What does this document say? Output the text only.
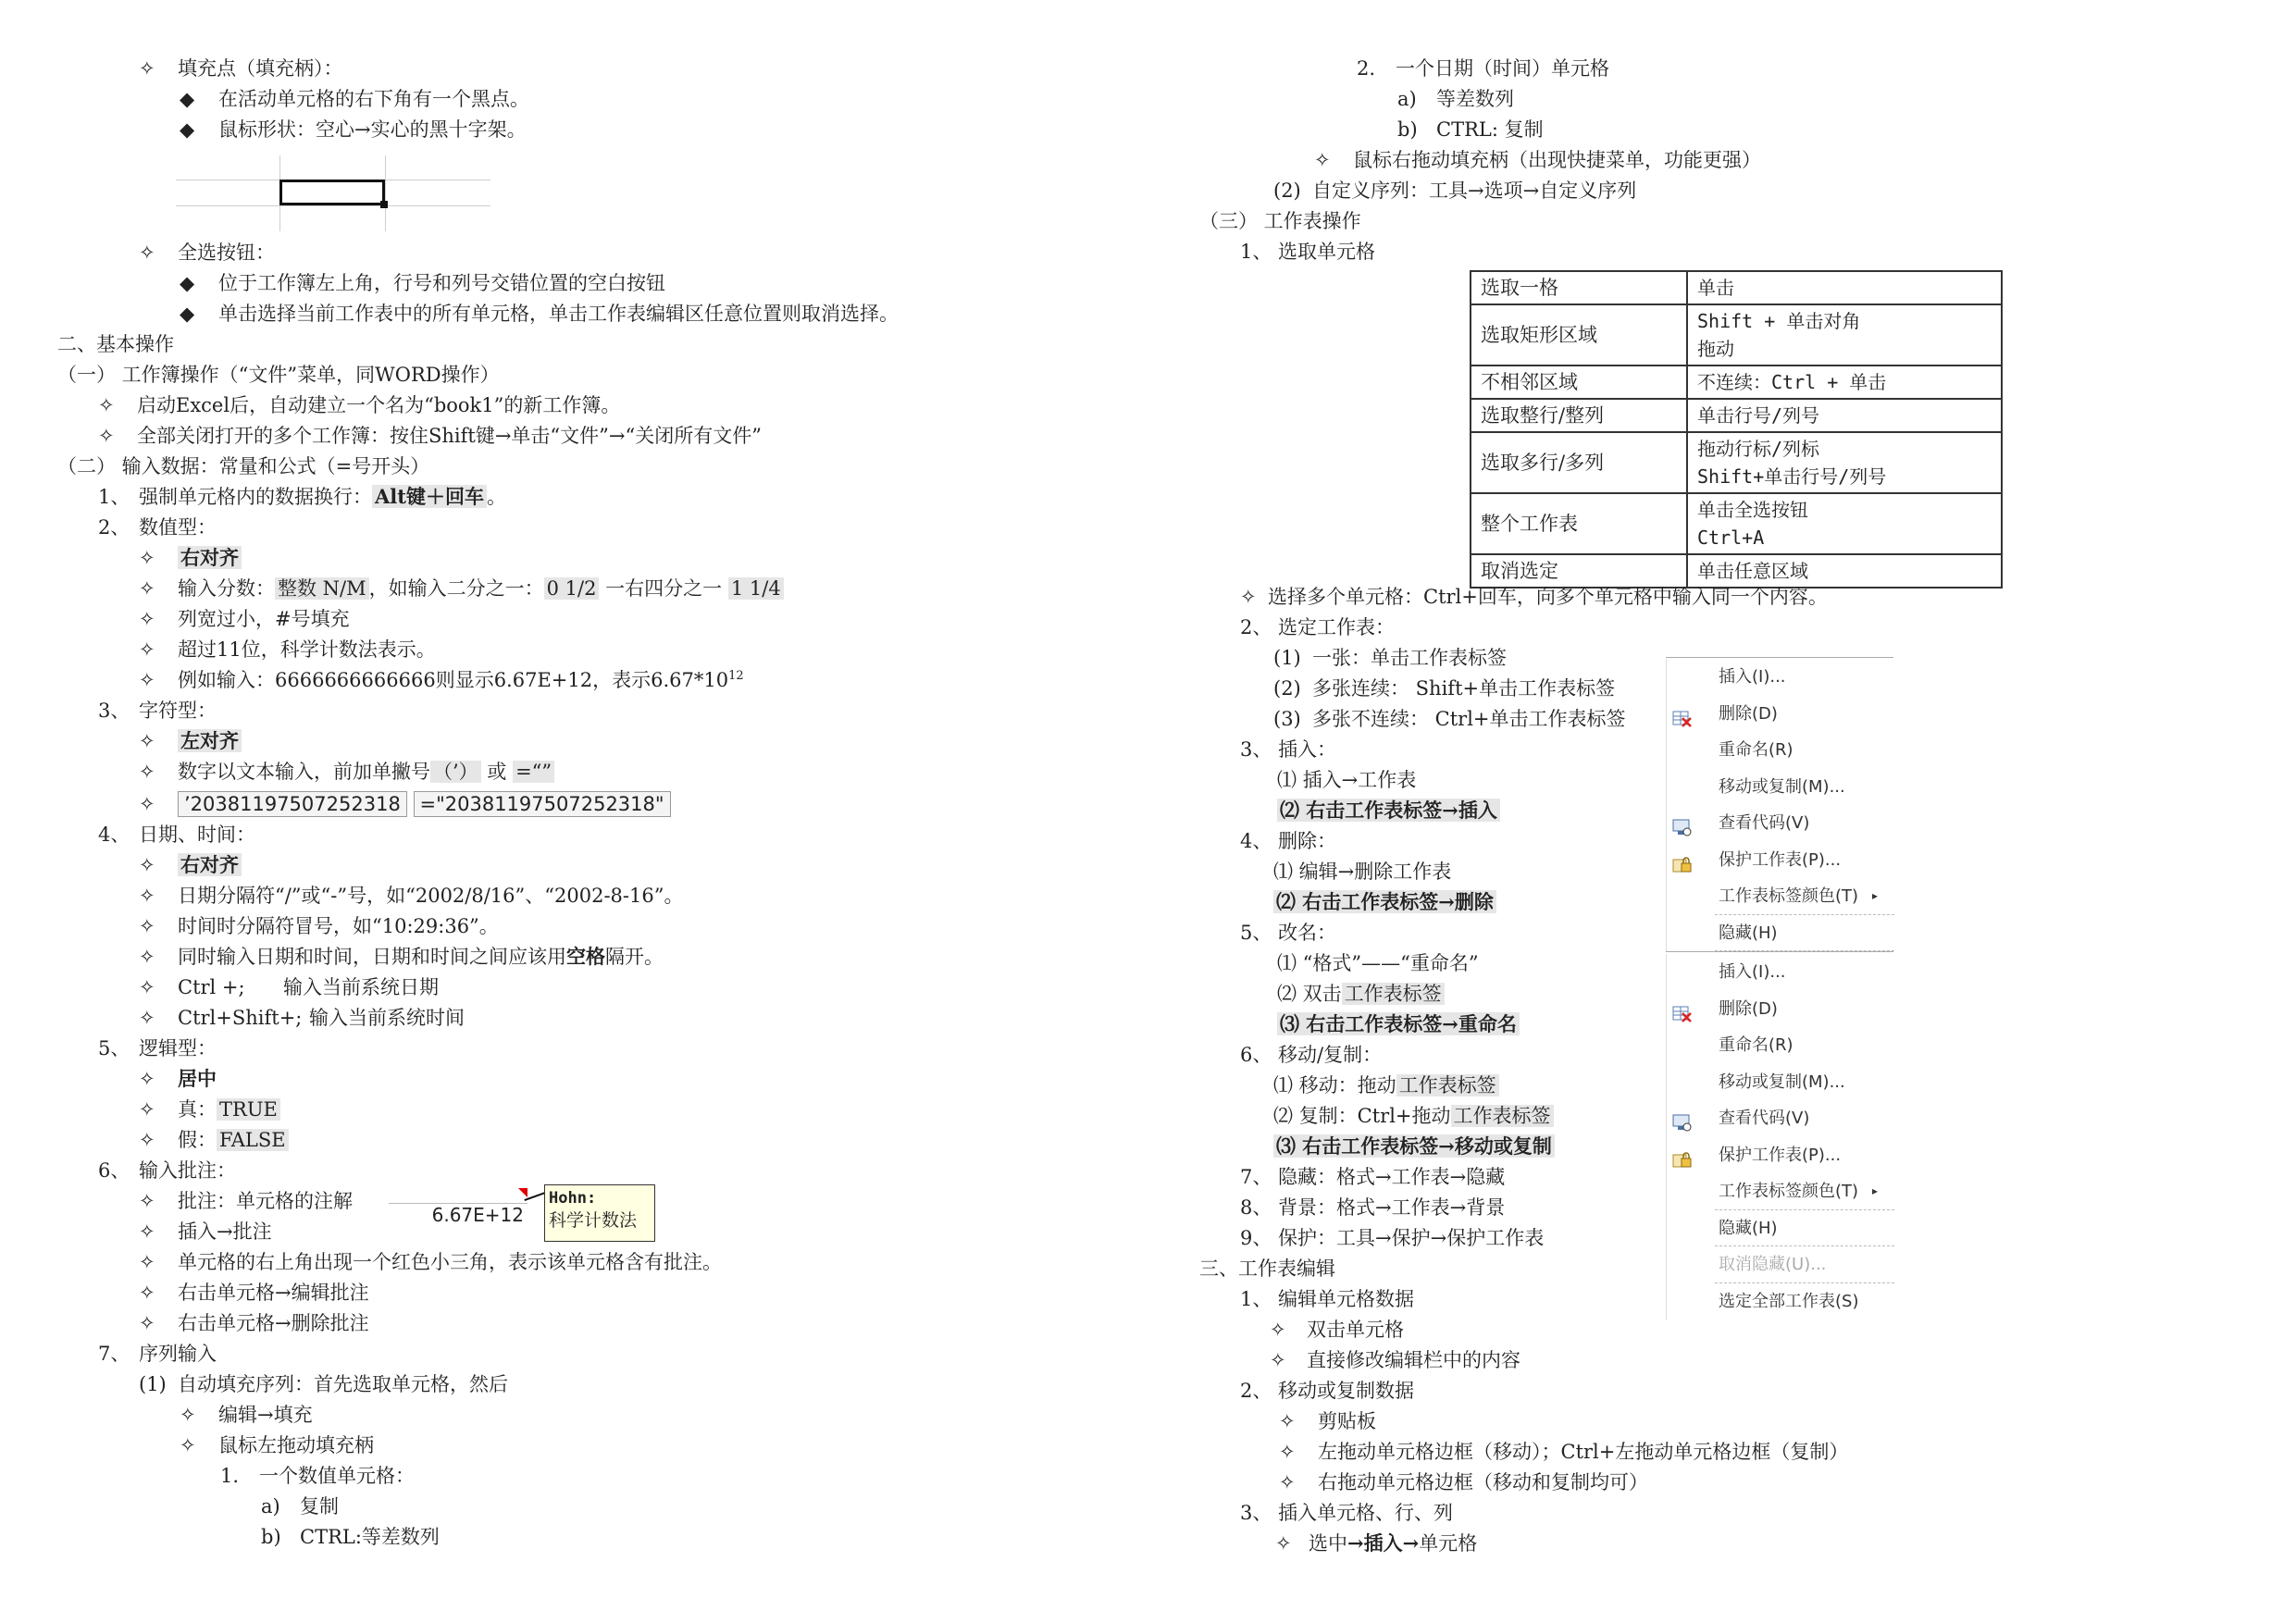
✧ 填充点（填充柄）：
◆ 在活动单元格的右下角有一个黑点。
◆ 鼠标形状：空心→实心的黑十字架。
✧ 全选按钮：
◆ 位于工作簿左上角，行号和列号交错位置的空白按钮
◆ 单击选择当前工作表中的所有单元格，单击工作表编辑区任意位置则取消选择。
二、基本操作
（一） 工作簿操作（“文件”菜单，同WORD操作）
✧ 启动Excel后，自动建立一个名为“book1”的新工作簿。
✧ 全部关闭打开的多个工作簿：按住Shift键→单击“文件”→“关闭所有文件”
（二） 输入数据：常量和公式（=号开头）
1、 强制单元格内的数据换行： Alt键＋回车 。
2、 数值型：
✧ 右对齐
✧ 输入分数： 整数 N/M ，如输入二分之一： 0 1/2 一右四分之一 1 1/4
✧ 列宽过小，#号填充
✧ 超过11位，科学计数法表示。
✧ 例如输入：6666666666666则显示6.67E+12，表示$6.67*10^{12}$
3、 字符型：
✧ 左对齐
✧ 数字以文本输入，前加单撇号 （’） 或 =“”
✧ ’20381197507252318 ="20381197507252318"
4、 日期、时间：
✧ 右对齐
✧ 日期分隔符“/”或“-”号，如“2002/8/16”、“2002-8-16”。
✧ 时间时分隔符冒号，如“10:29:36”。
✧ 同时输入日期和时间，日期和时间之间应该用空格隔开。
✧ Ctrl +; 输入当前系统日期
✧ Ctrl+Shift+; 输入当前系统时间
5、 逻辑型：
✧ 居中
✧ 真： TRUE
✧ 假： FALSE
6、 输入批注：
✧ 批注：单元格的注解
✧ 插入→批注
✧ 单元格的右上角出现一个红色小三角，表示该单元格含有批注。
✧ 右击单元格→编辑批注
✧ 右击单元格→删除批注
6.67E+12
Hohn:
科学计数法
7、 序列输入
(1) 自动填充序列：首先选取单元格，然后
✧ 编辑→填充
✧ 鼠标左拖动填充柄
1. 一个数值单元格：
a) 复制
b) CTRL:等差数列
2. 一个日期（时间）单元格
a) 等差数列
b) CTRL: 复制
✧ 鼠标右拖动填充柄（出现快捷菜单，功能更强）
(2) 自定义序列：工具→选项→自定义序列
（三） 工作表操作
1、 选取单元格
选取一格	单击

选取矩形区域	Shift + 单击对角
拖动

不相邻区域	不连续：Ctrl + 单击

选取整行/整列	单击行号/列号

选取多行/多列	拖动行标/列标
Shift+单击行号/列号

整个工作表	单击全选按钮
Ctrl+A

取消选定	单击任意区域
✧ 选择多个单元格：Ctrl+回车，向多个单元格中输入同一个内容。
2、 选定工作表：
(1) 一张：单击工作表标签
(2) 多张连续： Shift+单击工作表标签
(3) 多张不连续： Ctrl+单击工作表标签
3、 插入：
⑴ 插入→工作表
⑵ 右击工作表标签→插入
4、 删除：
⑴ 编辑→删除工作表
⑵ 右击工作表标签→删除
5、 改名：
⑴ “格式”——“重命名”
⑵ 双击 工作表标签
⑶ 右击工作表标签→重命名
6、 移动/复制：
⑴ 移动：拖动 工作表标签
⑵ 复制：Ctrl+拖动 工作表标签
⑶ 右击工作表标签→移动或复制
7、 隐藏：格式→工作表→隐藏
8、 背景：格式→工作表→背景
9、 保护：工具→保护→保护工作表
三、工作表编辑
1、 编辑单元格数据
✧ 双击单元格
✧ 直接修改编辑栏中的内容
2、 移动或复制数据
✧ 剪贴板
✧ 左拖动单元格边框（移动）；Ctrl+左拖动单元格边框（复制）
✧ 右拖动单元格边框（移动和复制均可）
3、 插入单元格、行、列
✧ 选中→插入→单元格
插入(I)...
删除(D)
重命名(R)
移动或复制(M)...
查看代码(V)
保护工作表(P)...
工作表标签颜色(T) ▸
隐藏(H)
插入(I)...
删除(D)
重命名(R)
移动或复制(M)...
查看代码(V)
保护工作表(P)...
工作表标签颜色(T) ▸
隐藏(H)
取消隐藏(U)...
选定全部工作表(S)
